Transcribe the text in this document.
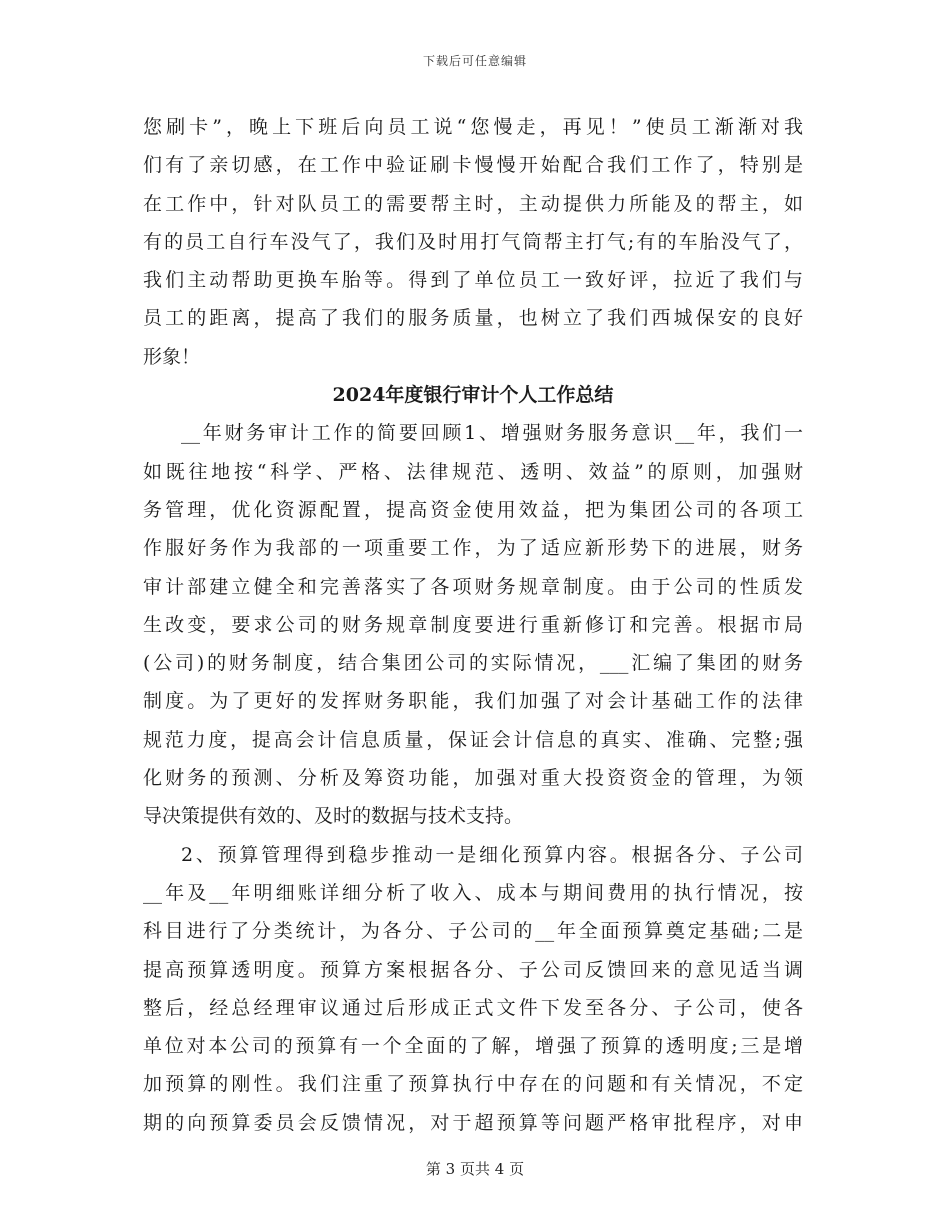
下载后可任意编辑
您刷卡”，晚上下班后向员工说“您慢走，再见！”使员工渐渐对我
们有了亲切感，在工作中验证刷卡慢慢开始配合我们工作了，特别是
在工作中，针对队员工的需要帮主时，主动提供力所能及的帮主，如
有的员工自行车没气了，我们及时用打气筒帮主打气;有的车胎没气了，
我们主动帮助更换车胎等。得到了单位员工一致好评，拉近了我们与
员工的距离，提高了我们的服务质量，也树立了我们西城保安的良好
形象！
2024年度银行审计个人工作总结
__年财务审计工作的简要回顾1、增强财务服务意识__年，我们一
如既往地按“科学、严格、法律规范、透明、效益”的原则，加强财
务管理，优化资源配置，提高资金使用效益，把为集团公司的各项工
作服好务作为我部的一项重要工作，为了适应新形势下的进展，财务
审计部建立健全和完善落实了各项财务规章制度。由于公司的性质发
生改变，要求公司的财务规章制度要进行重新修订和完善。根据市局
(公司)的财务制度，结合集团公司的实际情况，___汇编了集团的财务
制度。为了更好的发挥财务职能，我们加强了对会计基础工作的法律
规范力度，提高会计信息质量，保证会计信息的真实、准确、完整;强
化财务的预测、分析及筹资功能，加强对重大投资资金的管理，为领
导决策提供有效的、及时的数据与技术支持。
2、预算管理得到稳步推动一是细化预算内容。根据各分、子公司
__年及__年明细账详细分析了收入、成本与期间费用的执行情况，按
科目进行了分类统计，为各分、子公司的__年全面预算奠定基础;二是
提高预算透明度。预算方案根据各分、子公司反馈回来的意见适当调
整后，经总经理审议通过后形成正式文件下发至各分、子公司，使各
单位对本公司的预算有一个全面的了解，增强了预算的透明度;三是增
加预算的刚性。我们注重了预算执行中存在的问题和有关情况，不定
期的向预算委员会反馈情况，对于超预算等问题严格审批程序，对申
第 3 页共 4 页
